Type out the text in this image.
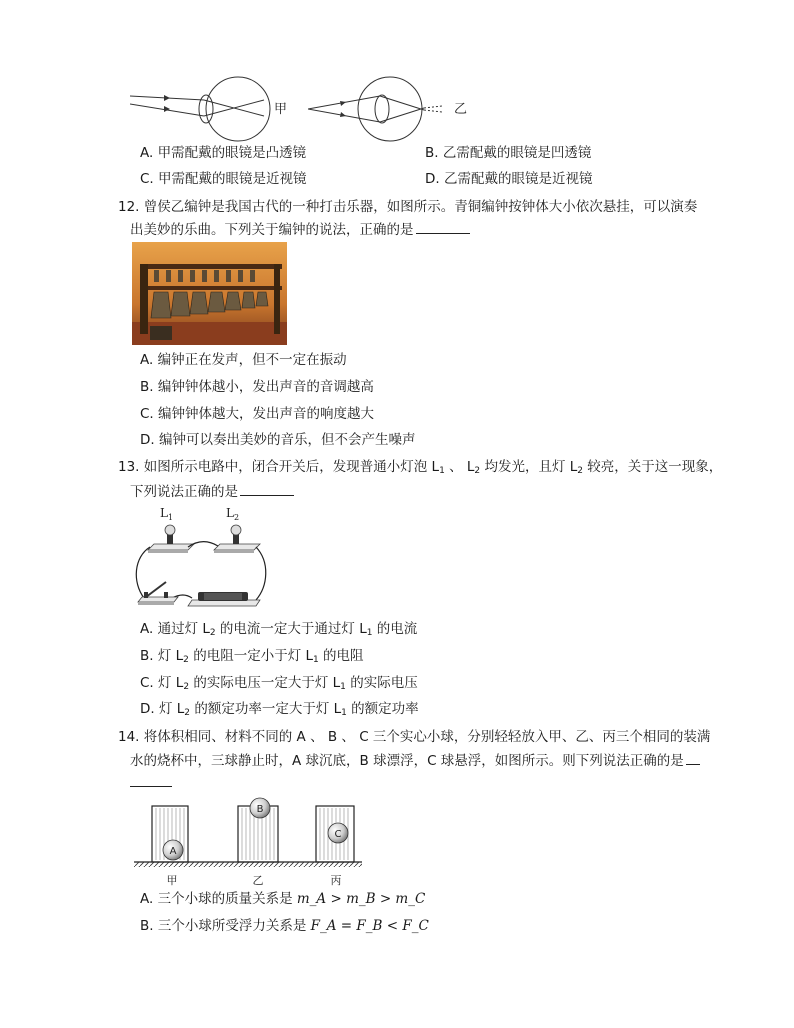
甲	乙
A. 甲需配戴的眼镜是凸透镜	B. 乙需配戴的眼镜是凹透镜
C. 甲需配戴的眼镜是近视镜	D. 乙需配戴的眼镜是近视镜
12. 曾侯乙编钟是我国古代的一种打击乐器，如图所示。青铜编钟按钟体大小依次悬挂，可以演奏
出美妙的乐曲。下列关于编钟的说法，正确的是
A. 编钟正在发声，但不一定在振动
B. 编钟钟体越小，发出声音的音调越高
C. 编钟钟体越大，发出声音的响度越大
D. 编钟可以奏出美妙的音乐，但不会产生噪声
13. 如图所示电路中，闭合开关后，发现普通小灯泡 $L_1$ 、 $L_2$ 均发光，且灯 $L_2$ 较亮，关于这一现象，
下列说法正确的是
L 1	L 2
A. 通过灯 $L_2$ 的电流一定大于通过灯 $L_1$ 的电流
B. 灯 $L_2$ 的电阻一定小于灯 $L_1$ 的电阻
C. 灯 $L_2$ 的实际电压一定大于灯 $L_1$ 的实际电压
D. 灯 $L_2$ 的额定功率一定大于灯 $L_1$ 的额定功率
14. 将体积相同、材料不同的 A 、 B 、 C 三个实心小球，分别轻轻放入甲、乙、丙三个相同的装满
水的烧杯中，三球静止时，A 球沉底，B 球漂浮，C 球悬浮，如图所示。则下列说法正确的是
A
B
C
甲	乙	丙
A. 三个小球的质量关系是 m_A > m_B > m_C
B. 三个小球所受浮力关系是 F_A = F_B < F_C
